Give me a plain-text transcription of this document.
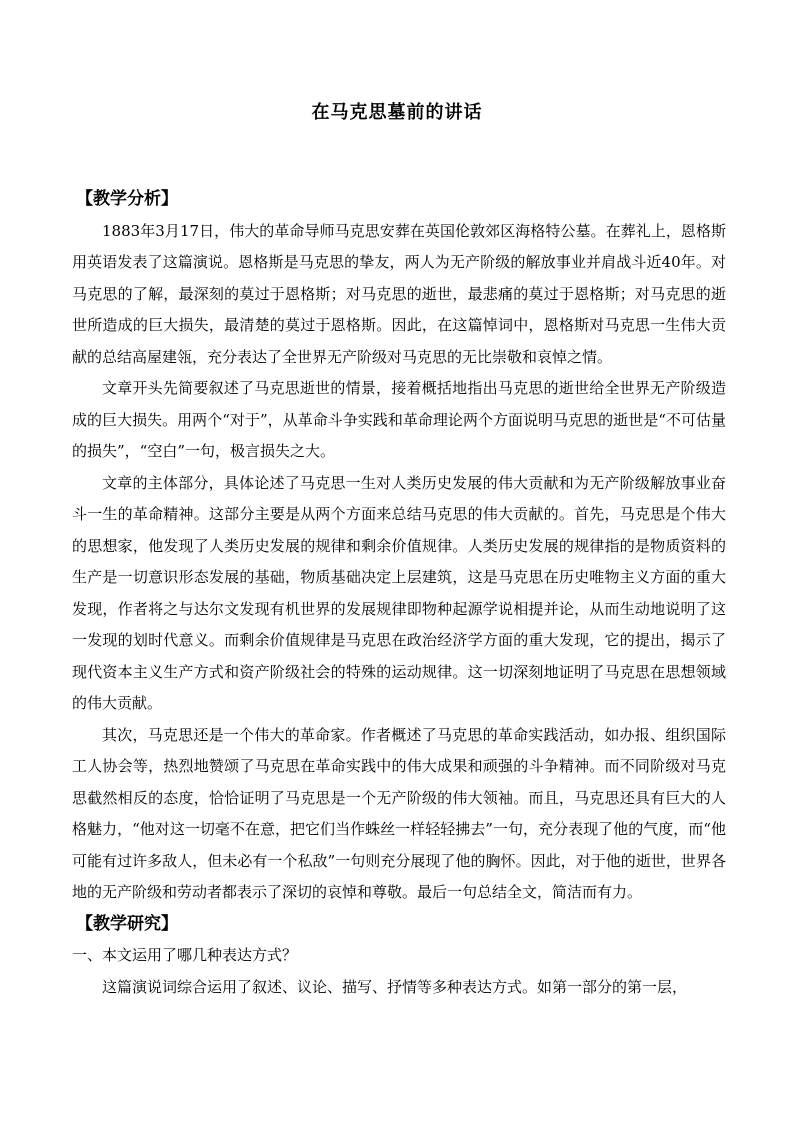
在马克思墓前的讲话
【教学分析】

1883年3月17日，伟大的革命导师马克思安葬在英国伦敦郊区海格特公墓。在葬礼上，恩格斯用英语发表了这篇演说。恩格斯是马克思的挚友，两人为无产阶级的解放事业并肩战斗近40年。对马克思的了解，最深刻的莫过于恩格斯；对马克思的逝世，最悲痛的莫过于恩格斯；对马克思的逝世所造成的巨大损失，最清楚的莫过于恩格斯。因此，在这篇悼词中，恩格斯对马克思一生伟大贡献的总结高屋建瓴，充分表达了全世界无产阶级对马克思的无比崇敬和哀悼之情。

文章开头先简要叙述了马克思逝世的情景，接着概括地指出马克思的逝世给全世界无产阶级造成的巨大损失。用两个“对于”，从革命斗争实践和革命理论两个方面说明马克思的逝世是“不可估量的损失”，“空白”一句，极言损失之大。

文章的主体部分，具体论述了马克思一生对人类历史发展的伟大贡献和为无产阶级解放事业奋斗一生的革命精神。这部分主要是从两个方面来总结马克思的伟大贡献的。首先，马克思是个伟大的思想家，他发现了人类历史发展的规律和剩余价值规律。人类历史发展的规律指的是物质资料的生产是一切意识形态发展的基础，物质基础决定上层建筑，这是马克思在历史唯物主义方面的重大发现，作者将之与达尔文发现有机世界的发展规律即物种起源学说相提并论，从而生动地说明了这一发现的划时代意义。而剩余价值规律是马克思在政治经济学方面的重大发现，它的提出，揭示了现代资本主义生产方式和资产阶级社会的特殊的运动规律。这一切深刻地证明了马克思在思想领域的伟大贡献。

其次，马克思还是一个伟大的革命家。作者概述了马克思的革命实践活动，如办报、组织国际工人协会等，热烈地赞颂了马克思在革命实践中的伟大成果和顽强的斗争精神。而不同阶级对马克思截然相反的态度，恰恰证明了马克思是一个无产阶级的伟大领袖。而且，马克思还具有巨大的人格魅力，“他对这一切毫不在意，把它们当作蛛丝一样轻轻拂去”一句，充分表现了他的气度，而“他可能有过许多敌人，但未必有一个私敌”一句则充分展现了他的胸怀。因此，对于他的逝世，世界各地的无产阶级和劳动者都表示了深切的哀悼和尊敬。最后一句总结全文，简洁而有力。

【教学研究】

一、本文运用了哪几种表达方式？

这篇演说词综合运用了叙述、议论、描写、抒情等多种表达方式。如第一部分的第一层，
